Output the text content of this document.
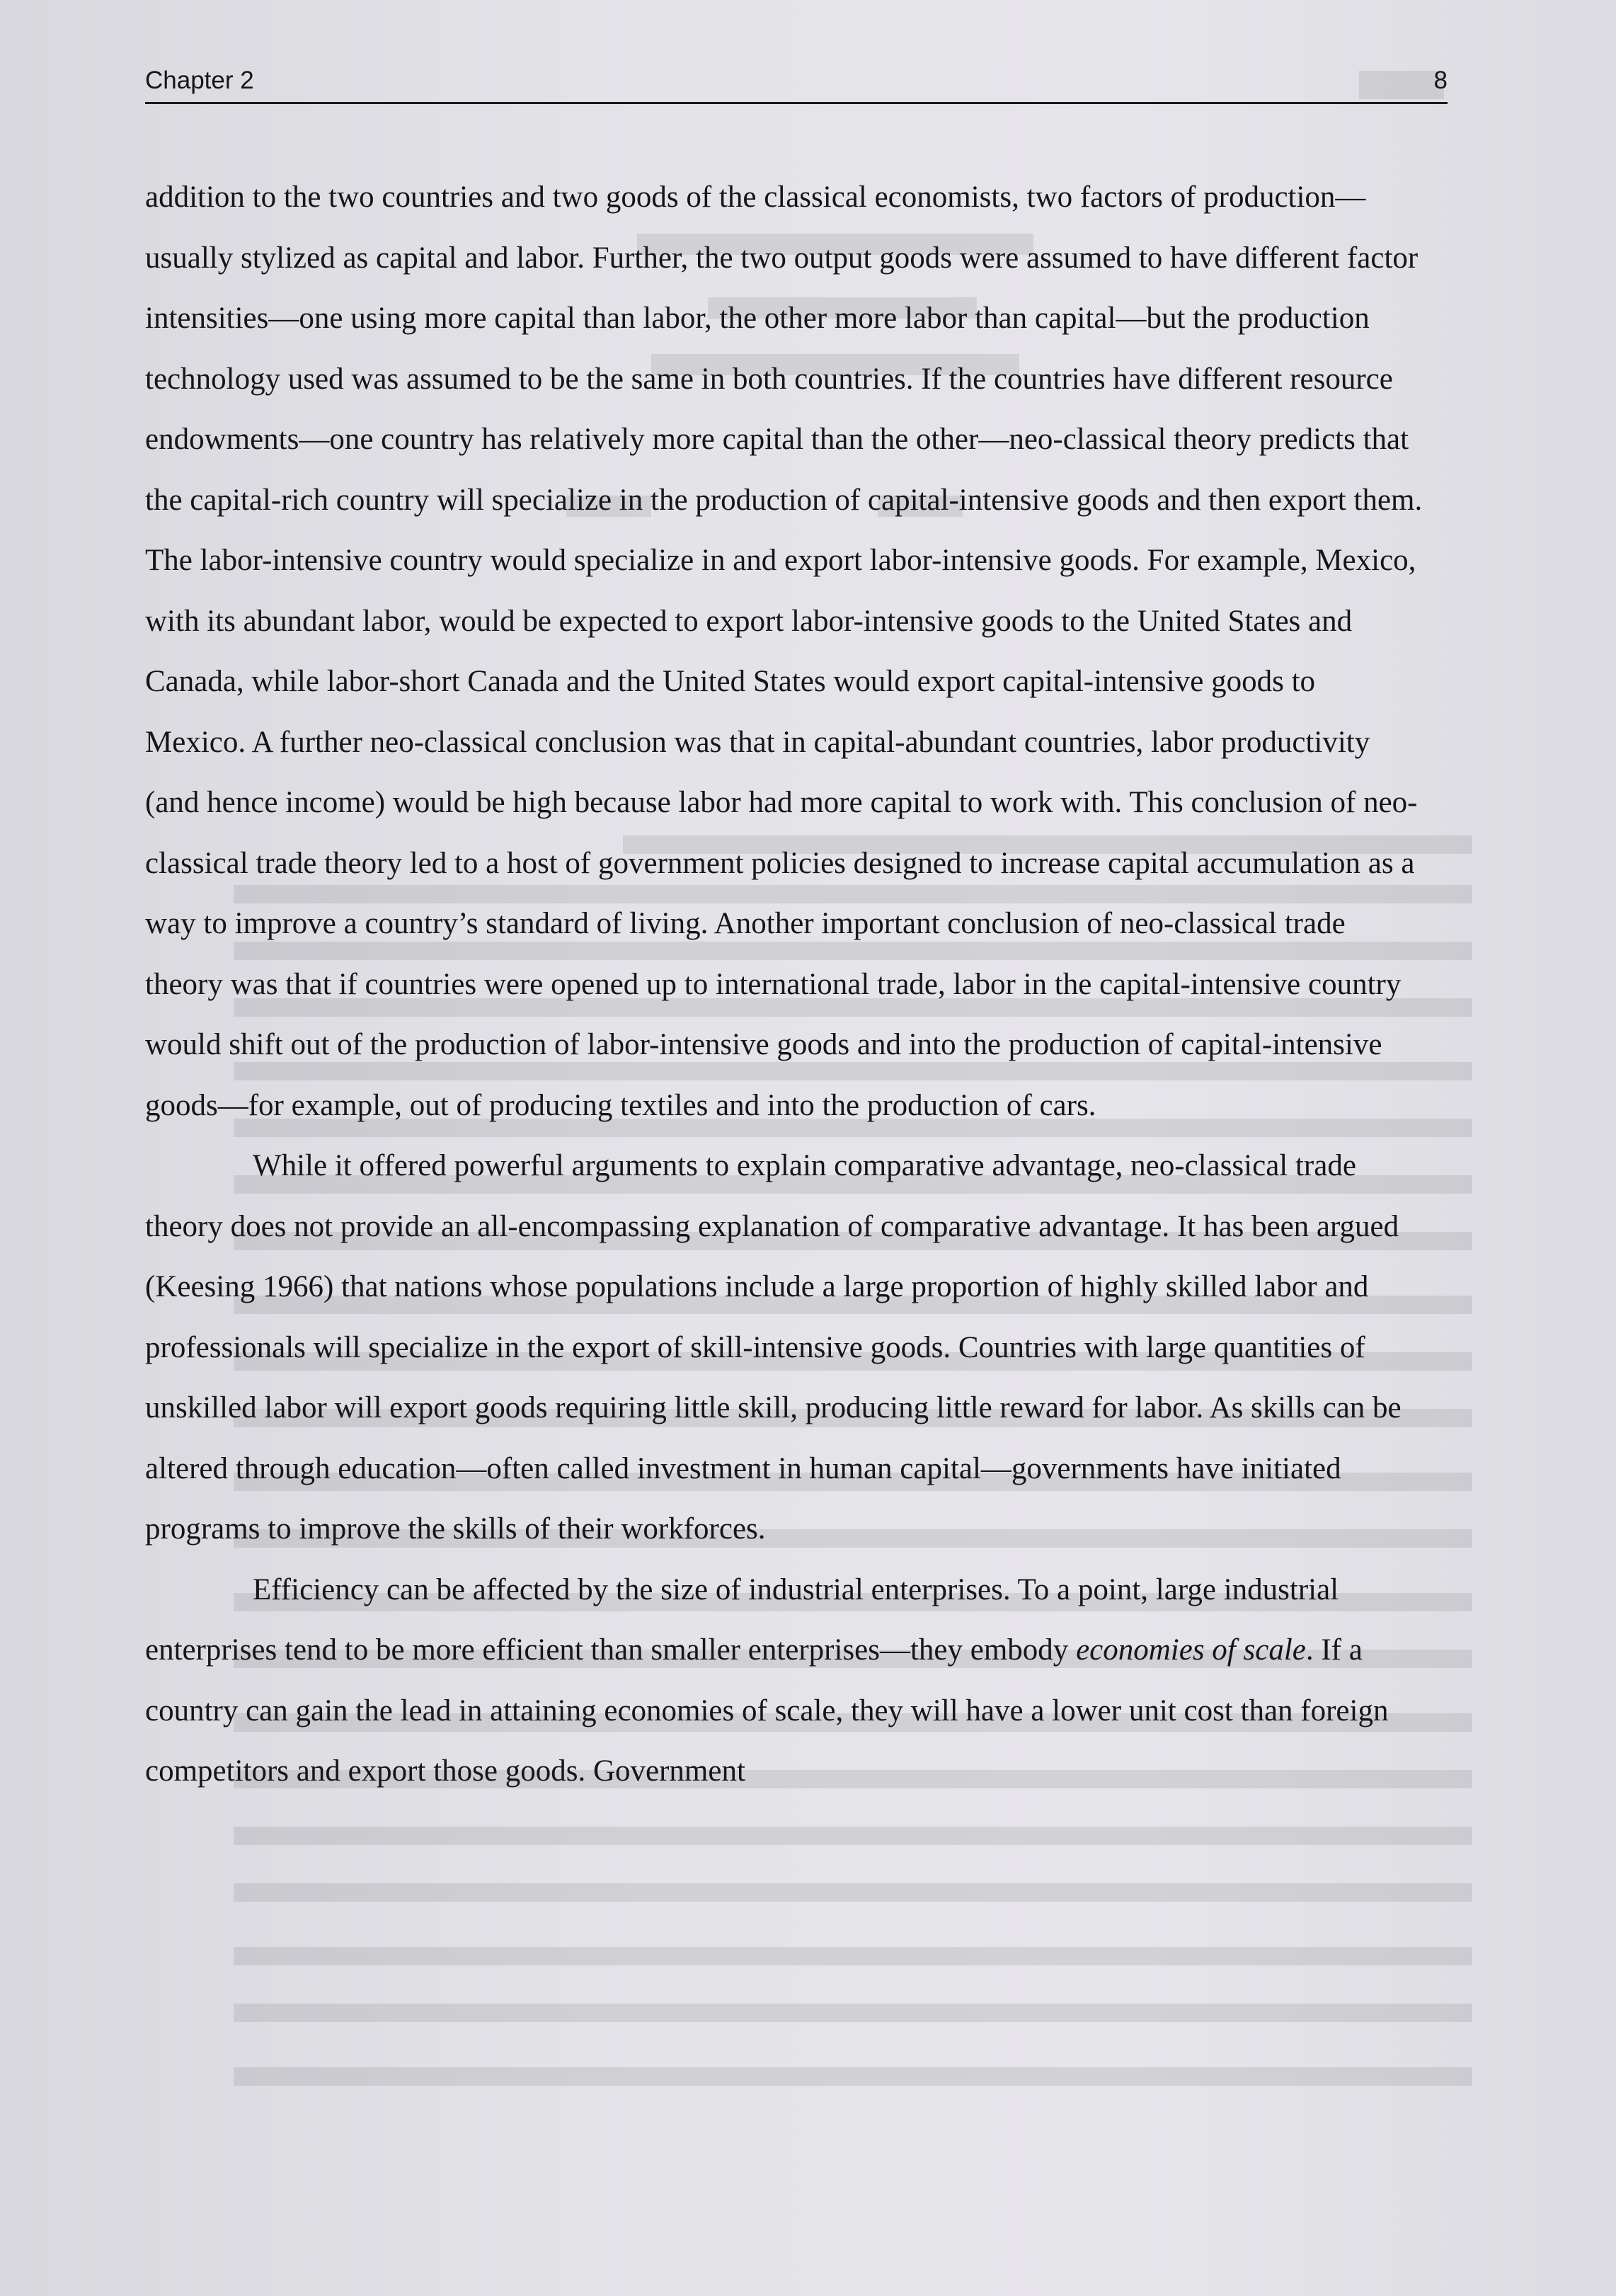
Chapter 2	8

addition to the two countries and two goods of the classical economists, two factors of production—usually stylized as capital and labor. Further, the two output goods were assumed to have different factor intensities—one using more capital than labor, the other more labor than capital—but the production technology used was assumed to be the same in both countries. If the countries have different resource endowments—one country has relatively more capital than the other—neo-classical theory predicts that the capital-rich country will specialize in the production of capital-intensive goods and then export them. The labor-intensive country would specialize in and export labor-intensive goods. For example, Mexico, with its abundant labor, would be expected to export labor-intensive goods to the United States and Canada, while labor-short Canada and the United States would export capital-intensive goods to Mexico. A further neo-classical conclusion was that in capital-abundant countries, labor productivity (and hence income) would be high because labor had more capital to work with. This conclusion of neo-classical trade theory led to a host of government policies designed to increase capital accumulation as a way to improve a country’s standard of living. Another important conclusion of neo-classical trade theory was that if countries were opened up to international trade, labor in the capital-intensive country would shift out of the production of labor-intensive goods and into the production of capital-intensive goods—for example, out of producing textiles and into the production of cars.

While it offered powerful arguments to explain comparative advantage, neo-classical trade theory does not provide an all-encompassing explanation of comparative advantage. It has been argued (Keesing 1966) that nations whose populations include a large proportion of highly skilled labor and professionals will specialize in the export of skill-intensive goods. Countries with large quantities of unskilled labor will export goods requiring little skill, producing little reward for labor. As skills can be altered through education—often called investment in human capital—governments have initiated programs to improve the skills of their workforces.

Efficiency can be affected by the size of industrial enterprises. To a point, large industrial enterprises tend to be more efficient than smaller enterprises—they embody economies of scale. If a country can gain the lead in attaining economies of scale, they will have a lower unit cost than foreign competitors and export those goods. Government
